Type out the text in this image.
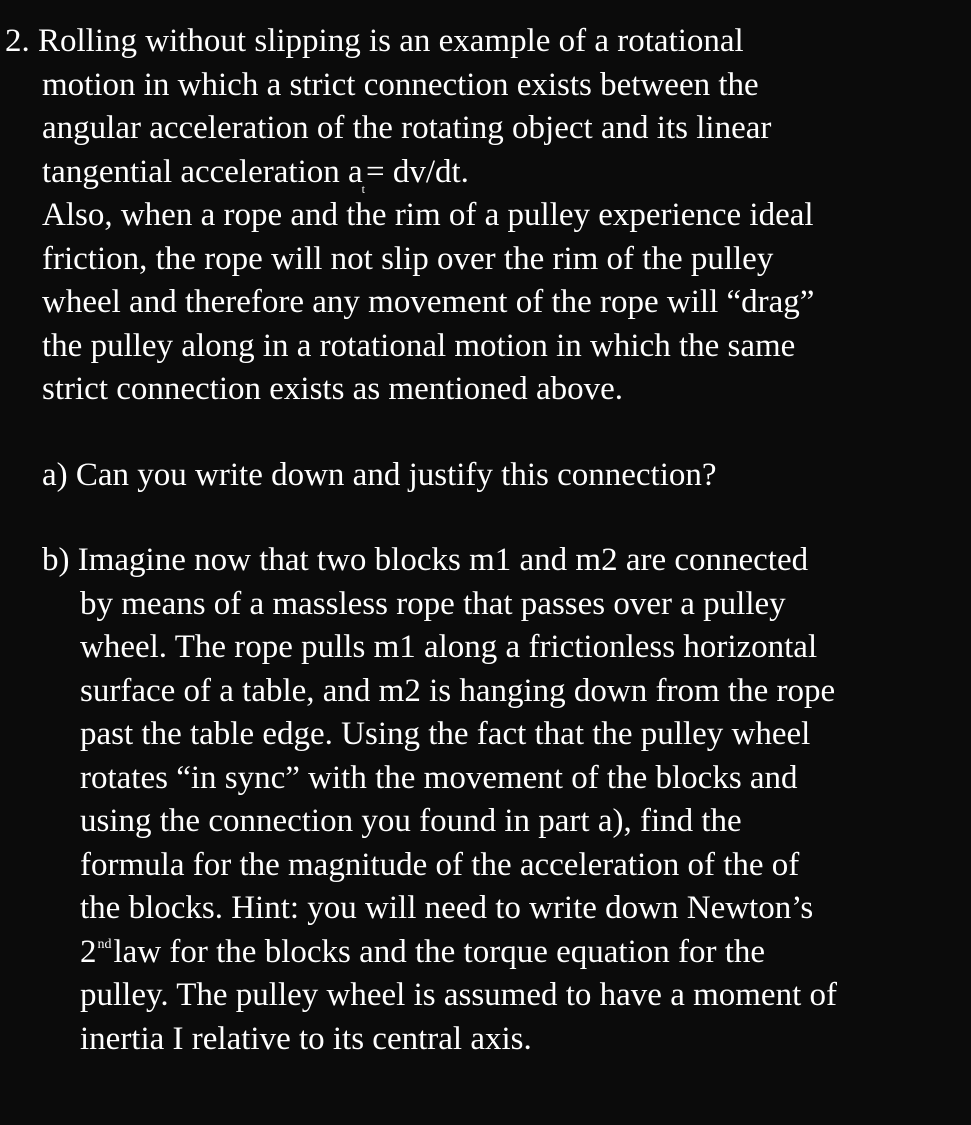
2. Rolling without slipping is an example of a rotational
motion in which a strict connection exists between the
angular acceleration of the rotating object and its linear
tangential acceleration $a_t= dv/dt$.
Also, when a rope and the rim of a pulley experience ideal
friction, the rope will not slip over the rim of the pulley
wheel and therefore any movement of the rope will “drag”
the pulley along in a rotational motion in which the same
strict connection exists as mentioned above.
a) Can you write down and justify this connection?
b) Imagine now that two blocks m1 and m2 are connected
by means of a massless rope that passes over a pulley
wheel. The rope pulls m1 along a frictionless horizontal
surface of a table, and m2 is hanging down from the rope
past the table edge. Using the fact that the pulley wheel
rotates “in sync” with the movement of the blocks and
using the connection you found in part a), find the
formula for the magnitude of the acceleration of the of
the blocks. Hint: you will need to write down Newton’s
2ndlaw for the blocks and the torque equation for the
pulley. The pulley wheel is assumed to have a moment of
inertia I relative to its central axis.
